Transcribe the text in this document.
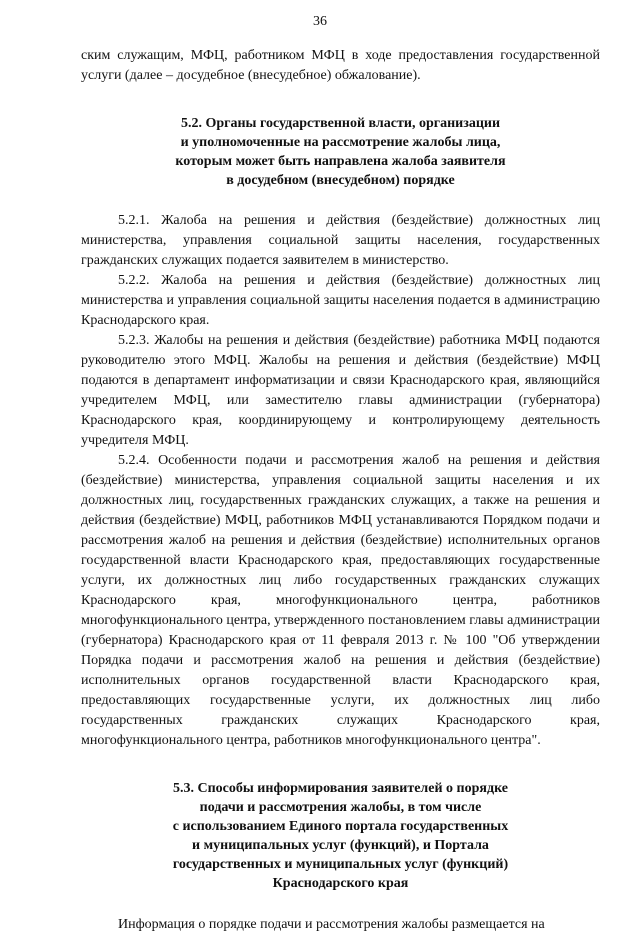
36

ским служащим, МФЦ, работником МФЦ в ходе предоставления государственной услуги (далее – досудебное (внесудебное) обжалование).

5.2. Органы государственной власти, организации
и уполномоченные на рассмотрение жалобы лица,
которым может быть направлена жалоба заявителя
в досудебном (внесудебном) порядке

5.2.1. Жалоба на решения и действия (бездействие) должностных лиц министерства, управления социальной защиты населения, государственных гражданских служащих подается заявителем в министерство.

5.2.2. Жалоба на решения и действия (бездействие) должностных лиц министерства и управления социальной защиты населения подается в администрацию Краснодарского края.

5.2.3. Жалобы на решения и действия (бездействие) работника МФЦ подаются руководителю этого МФЦ. Жалобы на решения и действия (бездействие) МФЦ подаются в департамент информатизации и связи Краснодарского края, являющийся учредителем МФЦ, или заместителю главы администрации (губернатора) Краснодарского края, координирующему и контролирующему деятельность учредителя МФЦ.

5.2.4. Особенности подачи и рассмотрения жалоб на решения и действия (бездействие) министерства, управления социальной защиты населения и их должностных лиц, государственных гражданских служащих, а также на решения и действия (бездействие) МФЦ, работников МФЦ устанавливаются Порядком подачи и рассмотрения жалоб на решения и действия (бездействие) исполнительных органов государственной власти Краснодарского края, предоставляющих государственные услуги, их должностных лиц либо государственных гражданских служащих Краснодарского края, многофункционального центра, работников многофункционального центра, утвержденного постановлением главы администрации (губернатора) Краснодарского края от 11 февраля 2013 г. № 100 "Об утверждении Порядка подачи и рассмотрения жалоб на решения и действия (бездействие) исполнительных органов государственной власти Краснодарского края, предоставляющих государственные услуги, их должностных лиц либо государственных гражданских служащих Краснодарского края, многофункционального центра, работников многофункционального центра".

5.3. Способы информирования заявителей о порядке
подачи и рассмотрения жалобы, в том числе
с использованием Единого портала государственных
и муниципальных услуг (функций), и Портала
государственных и муниципальных услуг (функций)
Краснодарского края

Информация о порядке подачи и рассмотрения жалобы размещается на
